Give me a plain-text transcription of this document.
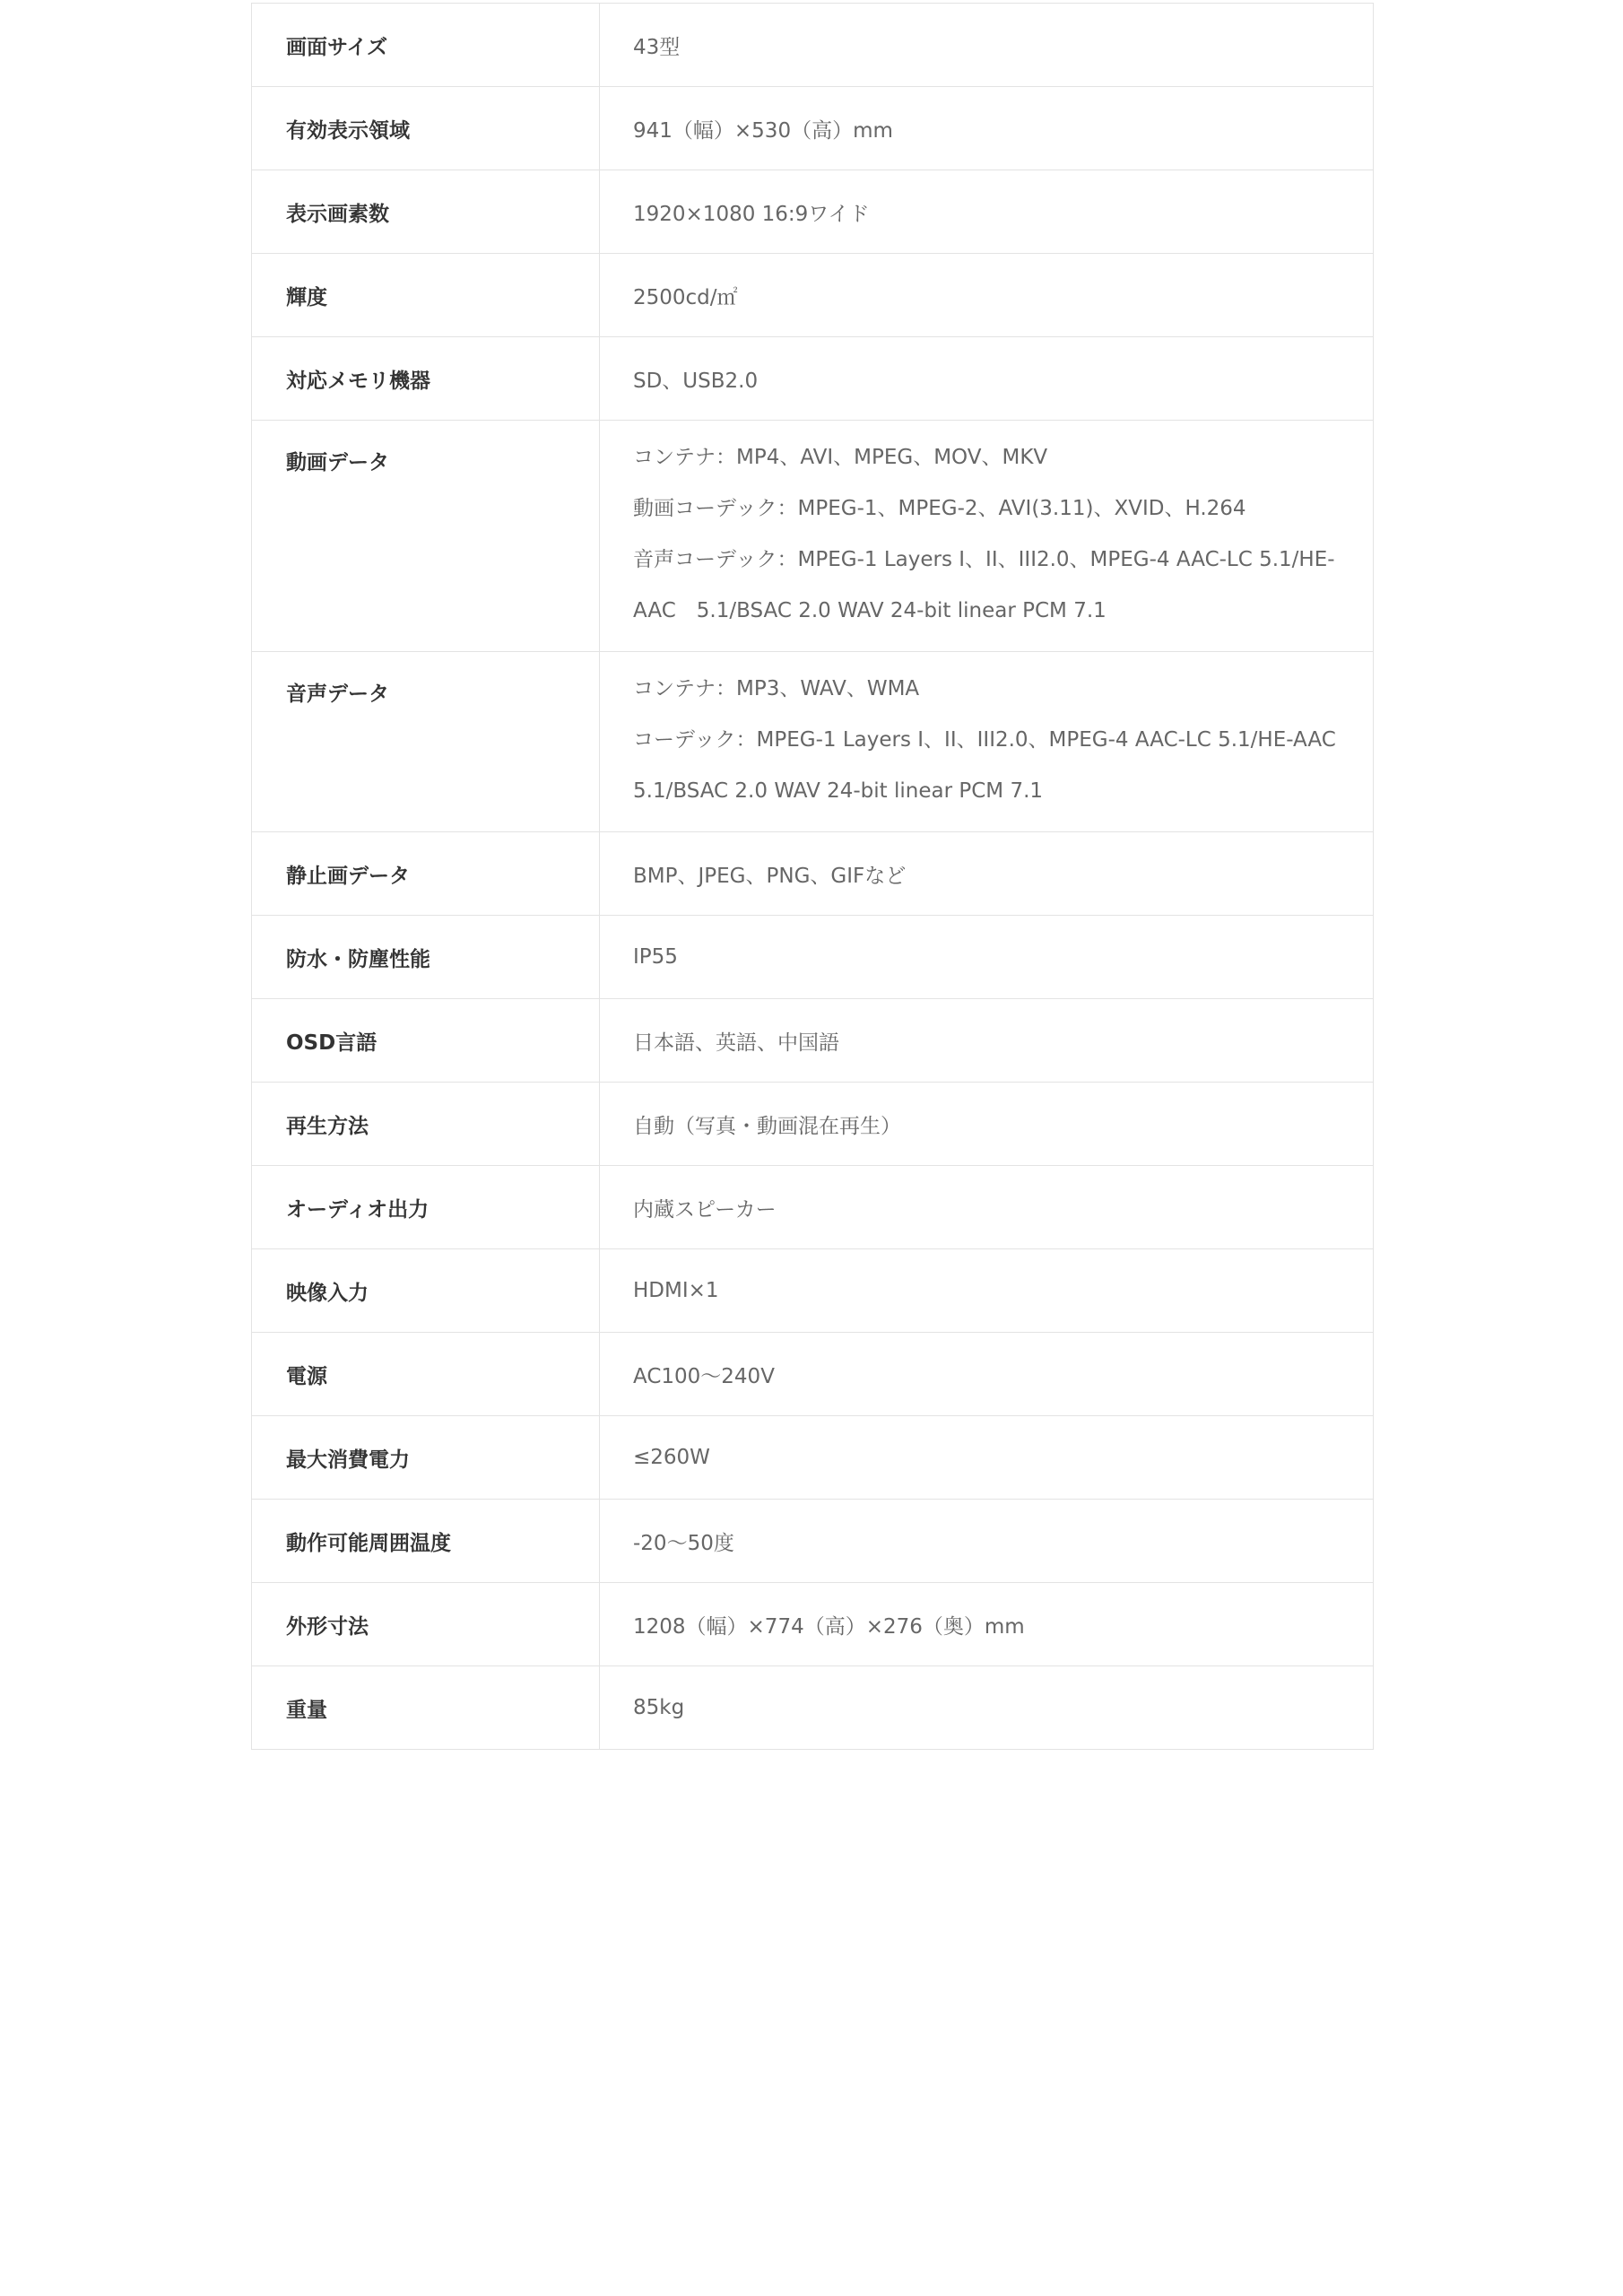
画面サイズ	43型
有効表示領域	941（幅）×530（高）mm
表示画素数	1920×1080 16:9ワイド
輝度	2500cd/㎡
対応メモリ機器	SD、USB2.0
動画データ	コンテナ：MP4、AVI、MPEG、MOV、MKV
動画コーデック：MPEG-1、MPEG-2、AVI(3.11)、XVID、H.264
音声コーデック：MPEG-1 Layers I、II、III2.0、MPEG-4 AAC-LC 5.1/HE-
AAC　5.1/BSAC 2.0 WAV 24-bit linear PCM 7.1

音声データ	コンテナ：MP3、WAV、WMA
コーデック：MPEG-1 Layers I、II、III2.0、MPEG-4 AAC-LC 5.1/HE-AAC
5.1/BSAC 2.0 WAV 24-bit linear PCM 7.1

静止画データ	BMP、JPEG、PNG、GIFなど
防水・防塵性能	IP55
OSD言語	日本語、英語、中国語
再生方法	自動（写真・動画混在再生）
オーディオ出力	内蔵スピーカー
映像入力	HDMI×1
電源	AC100～240V
最大消費電力	≤260W
動作可能周囲温度	-20～50度
外形寸法	1208（幅）×774（高）×276（奥）mm
重量	85kg
